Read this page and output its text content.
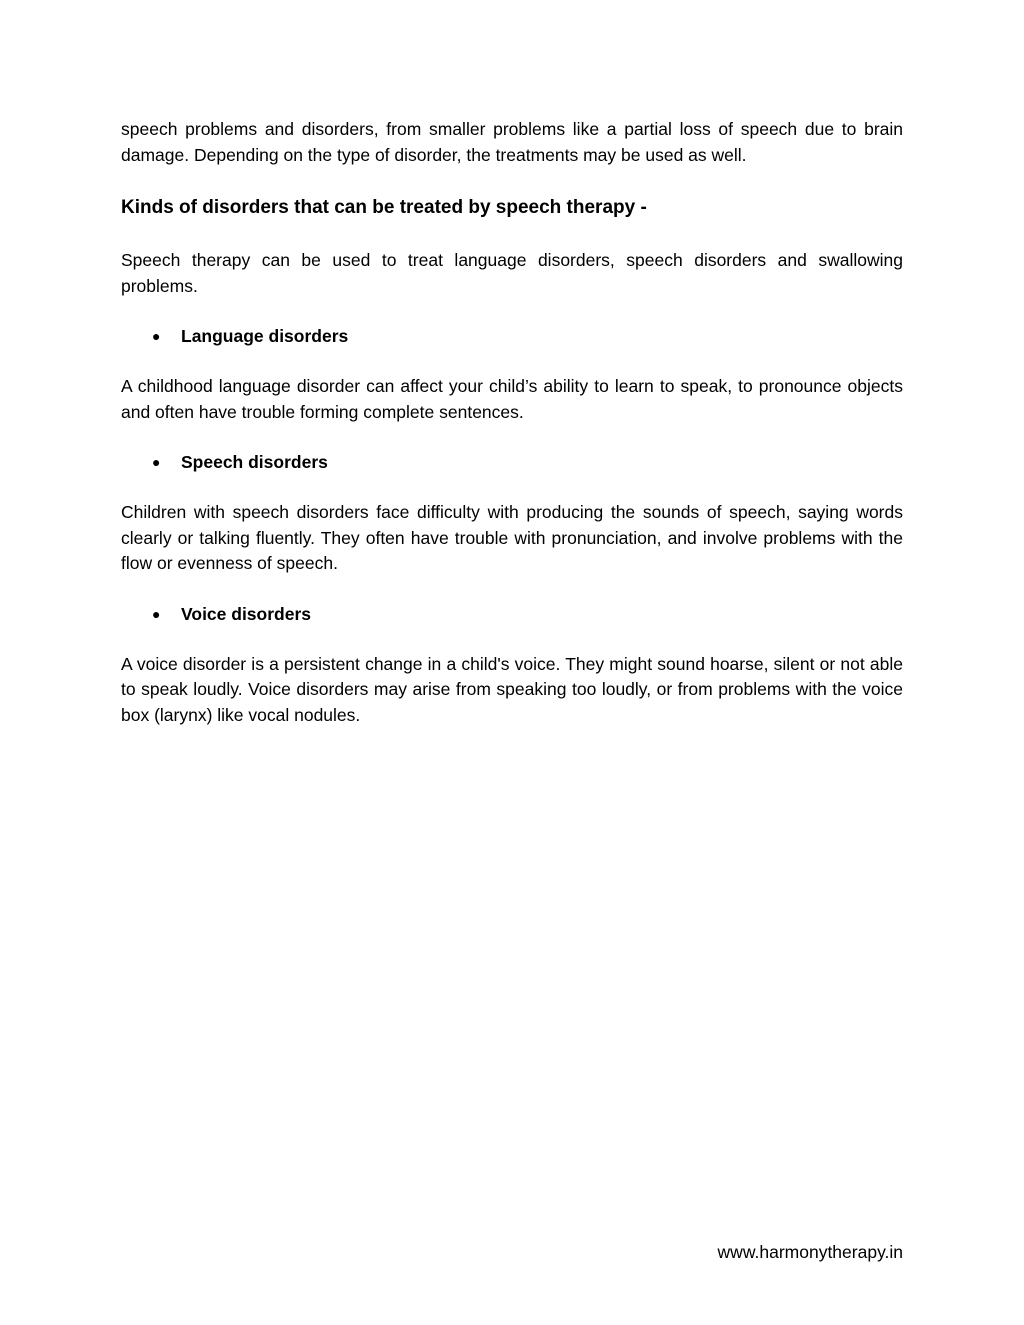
speech problems and disorders, from smaller problems like a partial loss of speech due to brain damage. Depending on the type of disorder, the treatments may be used as well.

Kinds of disorders that can be treated by speech therapy -

Speech therapy can be used to treat language disorders, speech disorders and swallowing problems.

●	Language disorders

A childhood language disorder can affect your child’s ability to learn to speak, to pronounce objects and often have trouble forming complete sentences.

●	Speech disorders

Children with speech disorders face difficulty with producing the sounds of speech, saying words clearly or talking fluently. They often have trouble with pronunciation, and involve problems with the flow or evenness of speech.

●	Voice disorders

A voice disorder is a persistent change in a child's voice. They might sound hoarse, silent or not able to speak loudly. Voice disorders may arise from speaking too loudly, or from problems with the voice box (larynx) like vocal nodules.

www.harmonytherapy.in
